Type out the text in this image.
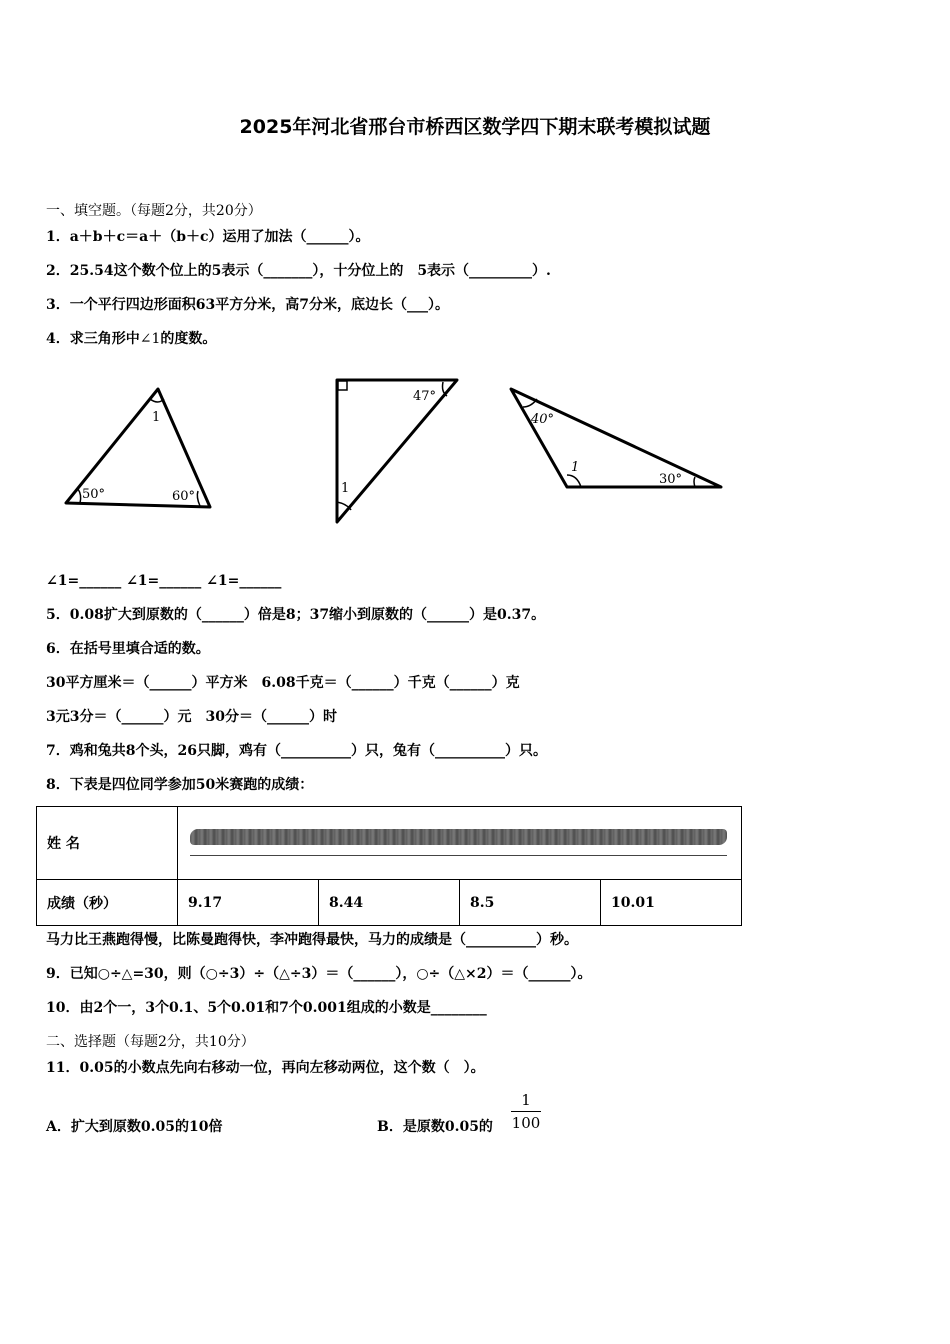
2025年河北省邢台市桥西区数学四下期末联考模拟试题
一、填空题。（每题2分，共20分）
1．a＋b＋c＝a＋（b＋c）运用了加法（______）。
2．25.54这个数个位上的5表示（_______），十分位上的　5表示（_________）.
3．一个平行四边形面积63平方分米，高7分米，底边长（___）。
4．求三角形中∠1的度数。
1
50°	60°
47°
1
40°
1
30°
∠1=______ ∠1=______ ∠1=______
5．0.08扩大到原数的（______）倍是8；37缩小到原数的（______）是0.37。
6．在括号里填合适的数。
30平方厘米＝（______）平方米　6.08千克＝（______）千克（______）克
3元3分＝（______）元　30分＝（______）时
7．鸡和兔共8个头，26只脚，鸡有（__________）只，兔有（__________）只。
8．下表是四位同学参加50米赛跑的成绩：
姓 名				

成绩（秒）	9.17	8.44	8.5	10.01
马力比王燕跑得慢，比陈曼跑得快，李冲跑得最快，马力的成绩是（__________）秒。
9．已知○÷△=30，则（○÷3）÷（△÷3）＝（______），○÷（△×2）＝（______）。
10．由2个一，3个0.1、5个0.01和7个0.001组成的小数是________
二、选择题（每题2分，共10分）
11．0.05的小数点先向右移动一位，再向左移动两位，这个数（　）。
A．扩大到原数0.05的10倍	B．是原数0.05的 $\frac{1}{100}$
